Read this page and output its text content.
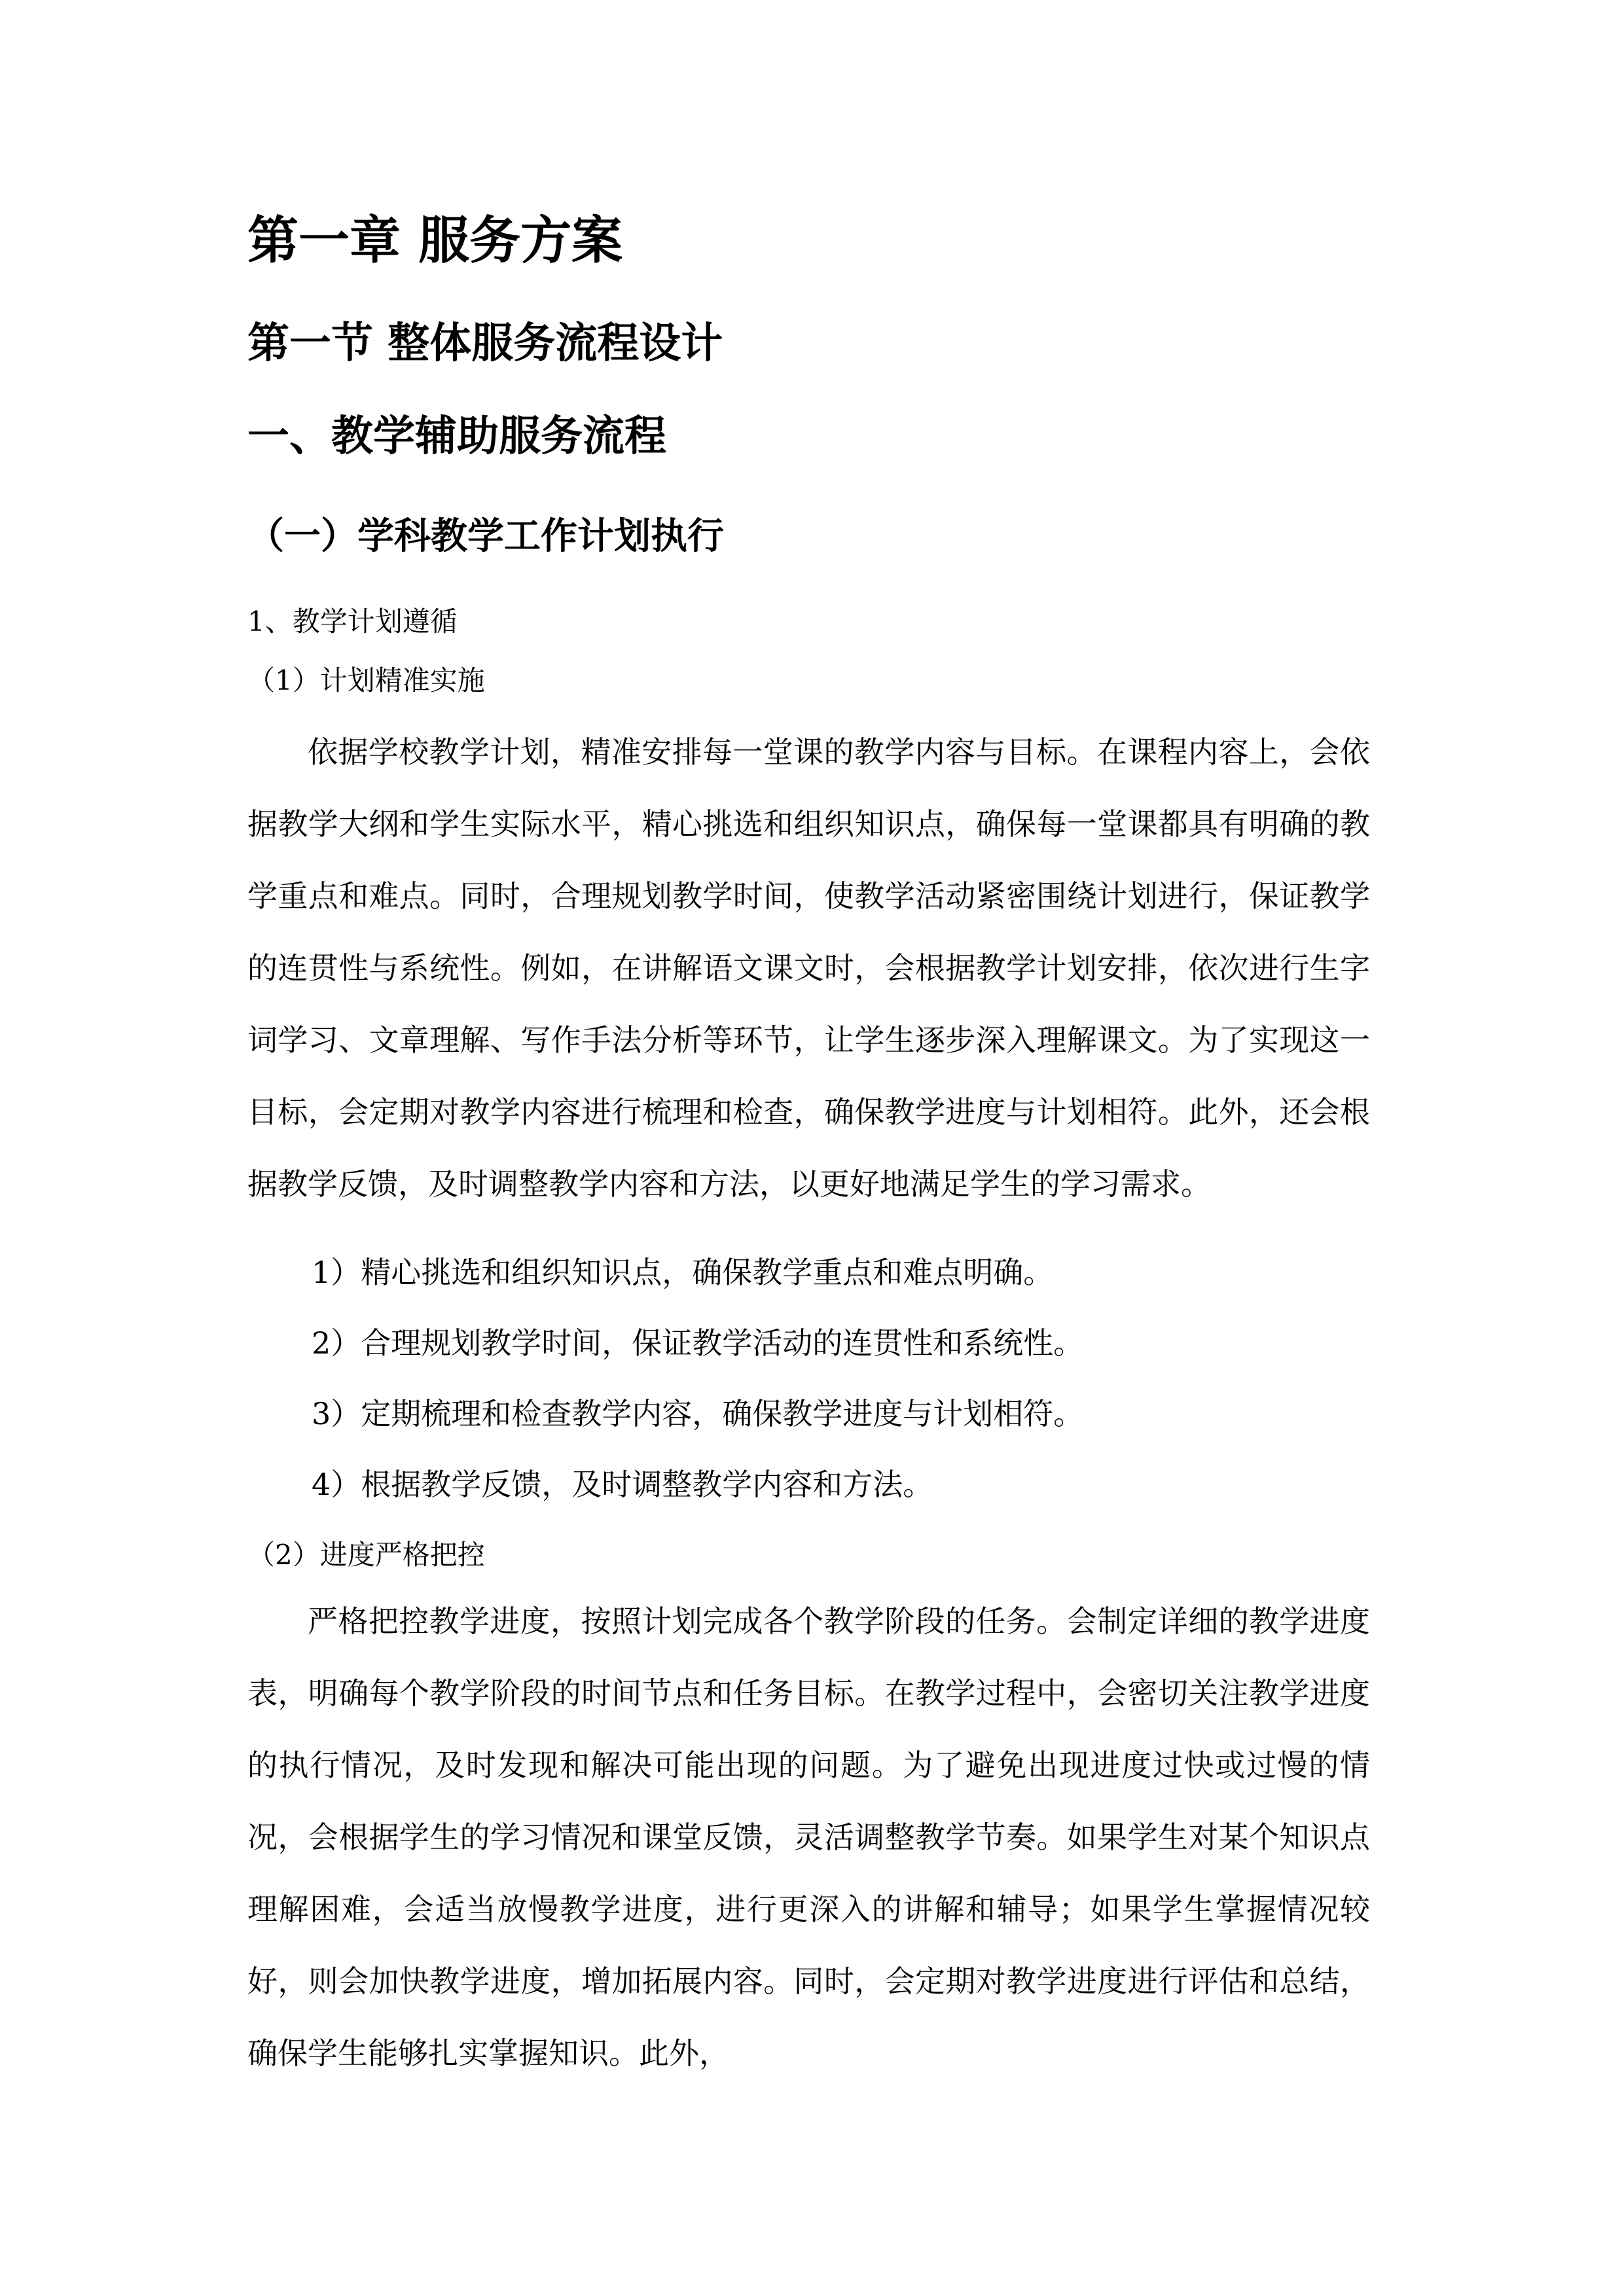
第一章 服务方案
第一节 整体服务流程设计
一、教学辅助服务流程
（一）学科教学工作计划执行

1、教学计划遵循

（1）计划精准实施

依据学校教学计划，精准安排每一堂课的教学内容与目标。在课程内容上，会依据教学大纲和学生实际水平，精心挑选和组织知识点，确保每一堂课都具有明确的教学重点和难点。同时，合理规划教学时间，使教学活动紧密围绕计划进行，保证教学的连贯性与系统性。例如，在讲解语文课文时，会根据教学计划安排，依次进行生字词学习、文章理解、写作手法分析等环节，让学生逐步深入理解课文。为了实现这一目标，会定期对教学内容进行梳理和检查，确保教学进度与计划相符。此外，还会根据教学反馈，及时调整教学内容和方法，以更好地满足学生的学习需求。

1）精心挑选和组织知识点，确保教学重点和难点明确。

2）合理规划教学时间，保证教学活动的连贯性和系统性。

3）定期梳理和检查教学内容，确保教学进度与计划相符。

4）根据教学反馈，及时调整教学内容和方法。

（2）进度严格把控

严格把控教学进度，按照计划完成各个教学阶段的任务。会制定详细的教学进度表，明确每个教学阶段的时间节点和任务目标。在教学过程中，会密切关注教学进度的执行情况，及时发现和解决可能出现的问题。为了避免出现进度过快或过慢的情况，会根据学生的学习情况和课堂反馈，灵活调整教学节奏。如果学生对某个知识点理解困难，会适当放慢教学进度，进行更深入的讲解和辅导；如果学生掌握情况较好，则会加快教学进度，增加拓展内容。同时，会定期对教学进度进行评估和总结，确保学生能够扎实掌握知识。此外，
